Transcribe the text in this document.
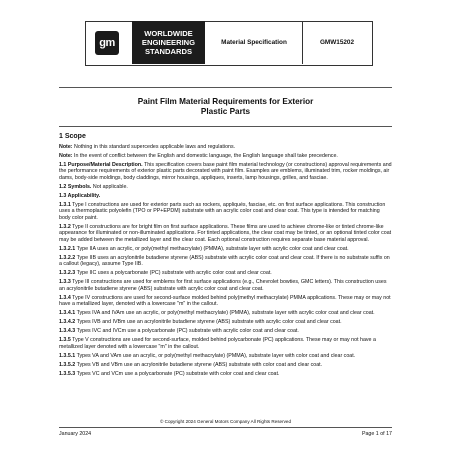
gm
WORLDWIDE
ENGINEERING
STANDARDS
Material Specification	GMW15202
Paint Film Material Requirements for Exterior
Plastic Parts
1 Scope

Note: Nothing in this standard supercedes applicable laws and regulations.

Note: In the event of conflict between the English and domestic language, the English language shall take precedence.

1.1 Purpose/Material Description. This specification covers base paint film material technology (or constructions) approval requirements and the performance requirements of exterior plastic parts decorated with paint film. Examples are emblems, illuminated trim, rocker moldings, air dams, body-side moldings, body claddings, mirror housings, appliques, inserts, lamp housings, grilles, and fasciae.

1.2 Symbols. Not applicable.

1.3 Applicability.

1.3.1 Type I constructions are used for exterior parts such as rockers, appliqués, fasciae, etc. on first surface applications. This construction uses a thermoplastic polyolefin (TPO or PP+EPDM) substrate with an acrylic color coat and clear coat. This type is intended for matching body color paint.

1.3.2 Type II constructions are for bright film on first surface applications. These films are used to achieve chrome-like or tinted chrome-like appearance for illuminated or non-illuminated applications. For tinted applications, the clear coat may be tinted, or an optional tinted color coat may be added between the metallized layer and the clear coat. Each optional construction requires separate base material approval.

1.3.2.1 Type IIA uses an acrylic, or poly(methyl methacrylate) (PMMA), substrate layer with acrylic color coat and clear coat.

1.3.2.2 Type IIB uses an acrylonitrile butadiene styrene (ABS) substrate with acrylic color coat and clear coat. If there is no substrate suffix on a callout (legacy), assume Type IIB.

1.3.2.3 Type IIC uses a polycarbonate (PC) substrate with acrylic color coat and clear coat.

1.3.3 Type III constructions are used for emblems for first surface applications (e.g., Chevrolet bowties, GMC letters). This construction uses an acrylonitrile butadiene styrene (ABS) substrate with acrylic color coat and clear coat.

1.3.4 Type IV constructions are used for second-surface molded behind poly(methyl methacrylate) PMMA applications. These may or may not have a metallized layer, denoted with a lowercase "m" in the callout.

1.3.4.1 Types IVA and IVAm use an acrylic, or poly(methyl methacrylate) (PMMA), substrate layer with acrylic color coat and clear coat.

1.3.4.2 Types IVB and IVBm use an acrylonitrile butadiene styrene (ABS) substrate with acrylic color coat and clear coat.

1.3.4.3 Types IVC and IVCm use a polycarbonate (PC) substrate with acrylic color coat and clear coat.

1.3.5 Type V constructions are used for second-surface, molded behind polycarbonate (PC) applications. These may or may not have a metallized layer denoted with a lowercase "m" in the callout.

1.3.5.1 Types VA and VAm use an acrylic, or poly(methyl methacrylate) (PMMA), substrate layer with color coat and clear coat.

1.3.5.2 Types VB and VBm use an acrylonitrile butadiene styrene (ABS) substrate with color coat and clear coat.

1.3.5.3 Types VC and VCm use a polycarbonate (PC) substrate with color coat and clear coat.

© Copyright 2024 General Motors Company All Rights Reserved
January 2024	Page 1 of 17
